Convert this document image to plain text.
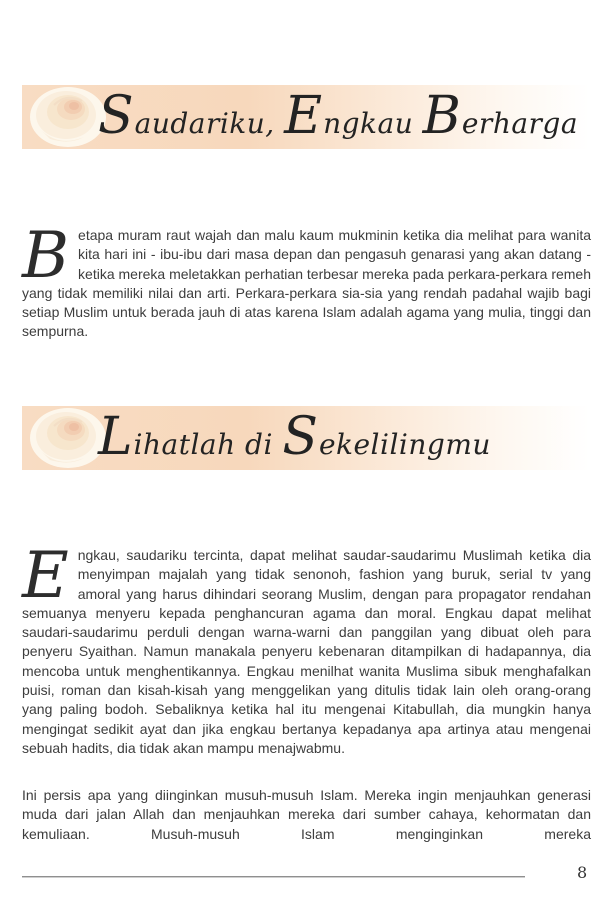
Saudariku, Engkau Berharga
Betapa muram raut wajah dan malu kaum mukminin ketika dia melihat para wanita kita hari ini - ibu-ibu dari masa depan dan pengasuh genarasi yang akan datang - ketika mereka meletakkan perhatian terbesar mereka pada perkara-perkara remeh yang tidak memiliki nilai dan arti. Perkara-perkara sia-sia yang rendah padahal wajib bagi setiap Muslim untuk berada jauh di atas karena Islam adalah agama yang mulia, tinggi dan sempurna.
Lihatlah di Sekelilingmu
Engkau, saudariku tercinta, dapat melihat saudar-saudarimu Muslimah ketika dia menyimpan majalah yang tidak senonoh, fashion yang buruk, serial tv yang amoral yang harus dihindari seorang Muslim, dengan para propagator rendahan semuanya menyeru kepada penghancuran agama dan moral. Engkau dapat melihat saudari-saudarimu perduli dengan warna-warni dan panggilan yang dibuat oleh para penyeru Syaithan. Namun manakala penyeru kebenaran ditampilkan di hadapannya, dia mencoba untuk menghentikannya. Engkau menilhat wanita Muslima sibuk menghafalkan puisi, roman dan kisah-kisah yang menggelikan yang ditulis tidak lain oleh orang-orang yang paling bodoh. Sebaliknya ketika hal itu mengenai Kitabullah, dia mungkin hanya mengingat sedikit ayat dan jika engkau bertanya kepadanya apa artinya atau mengenai sebuah hadits, dia tidak akan mampu menajwabmu.
Ini persis apa yang diinginkan musuh-musuh Islam. Mereka ingin menjauhkan generasi muda dari jalan Allah dan menjauhkan mereka dari sumber cahaya, kehormatan dan kemuliaan. Musuh-musuh Islam menginginkan mereka
8
